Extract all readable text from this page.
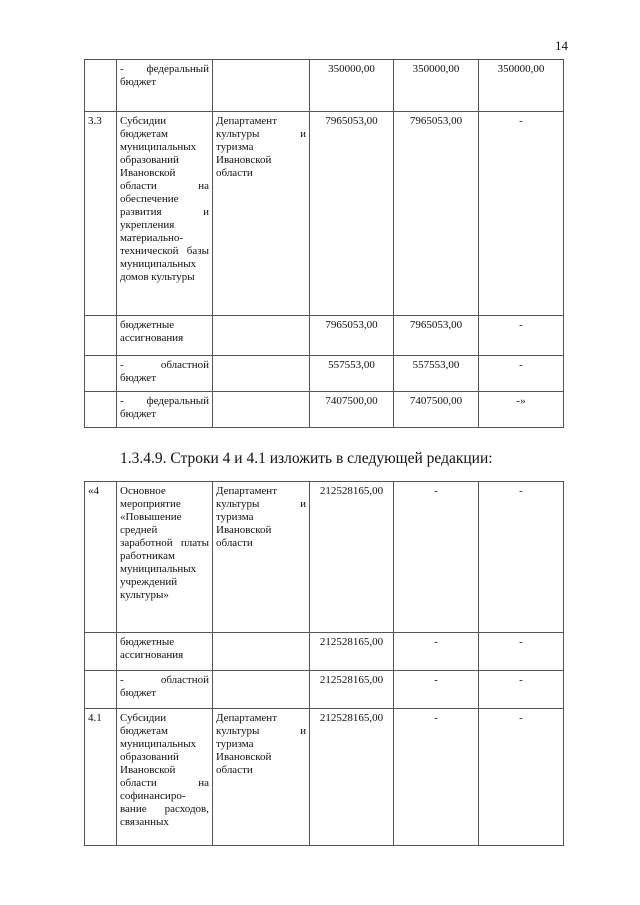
14
	- федеральный бюджет		350000,00	350000,00	350000,00
3.3	Субсидии бюджетам муниципальных образований Ивановской области на обеспечение развития и укрепления материально-технической базы муниципальных домов культуры	Департамент культуры и туризма Ивановской области	7965053,00	7965053,00	-
	бюджетные ассигнования		7965053,00	7965053,00	-
	- областной бюджет		557553,00	557553,00	-
	- федеральный бюджет		7407500,00	7407500,00	-»
1.3.4.9. Строки 4 и 4.1 изложить в следующей редакции:
«4	Основное мероприятие «Повышение средней заработной платы работникам муниципальных учреждений культуры»	Департамент культуры и туризма Ивановской области	212528165,00	-	-
	бюджетные ассигнования		212528165,00	-	-
	- областной бюджет		212528165,00	-	-
4.1	Субсидии бюджетам муниципальных образований Ивановской области на софинансиро-вание расходов, связанных	Департамент культуры и туризма Ивановской области	212528165,00	-	-
